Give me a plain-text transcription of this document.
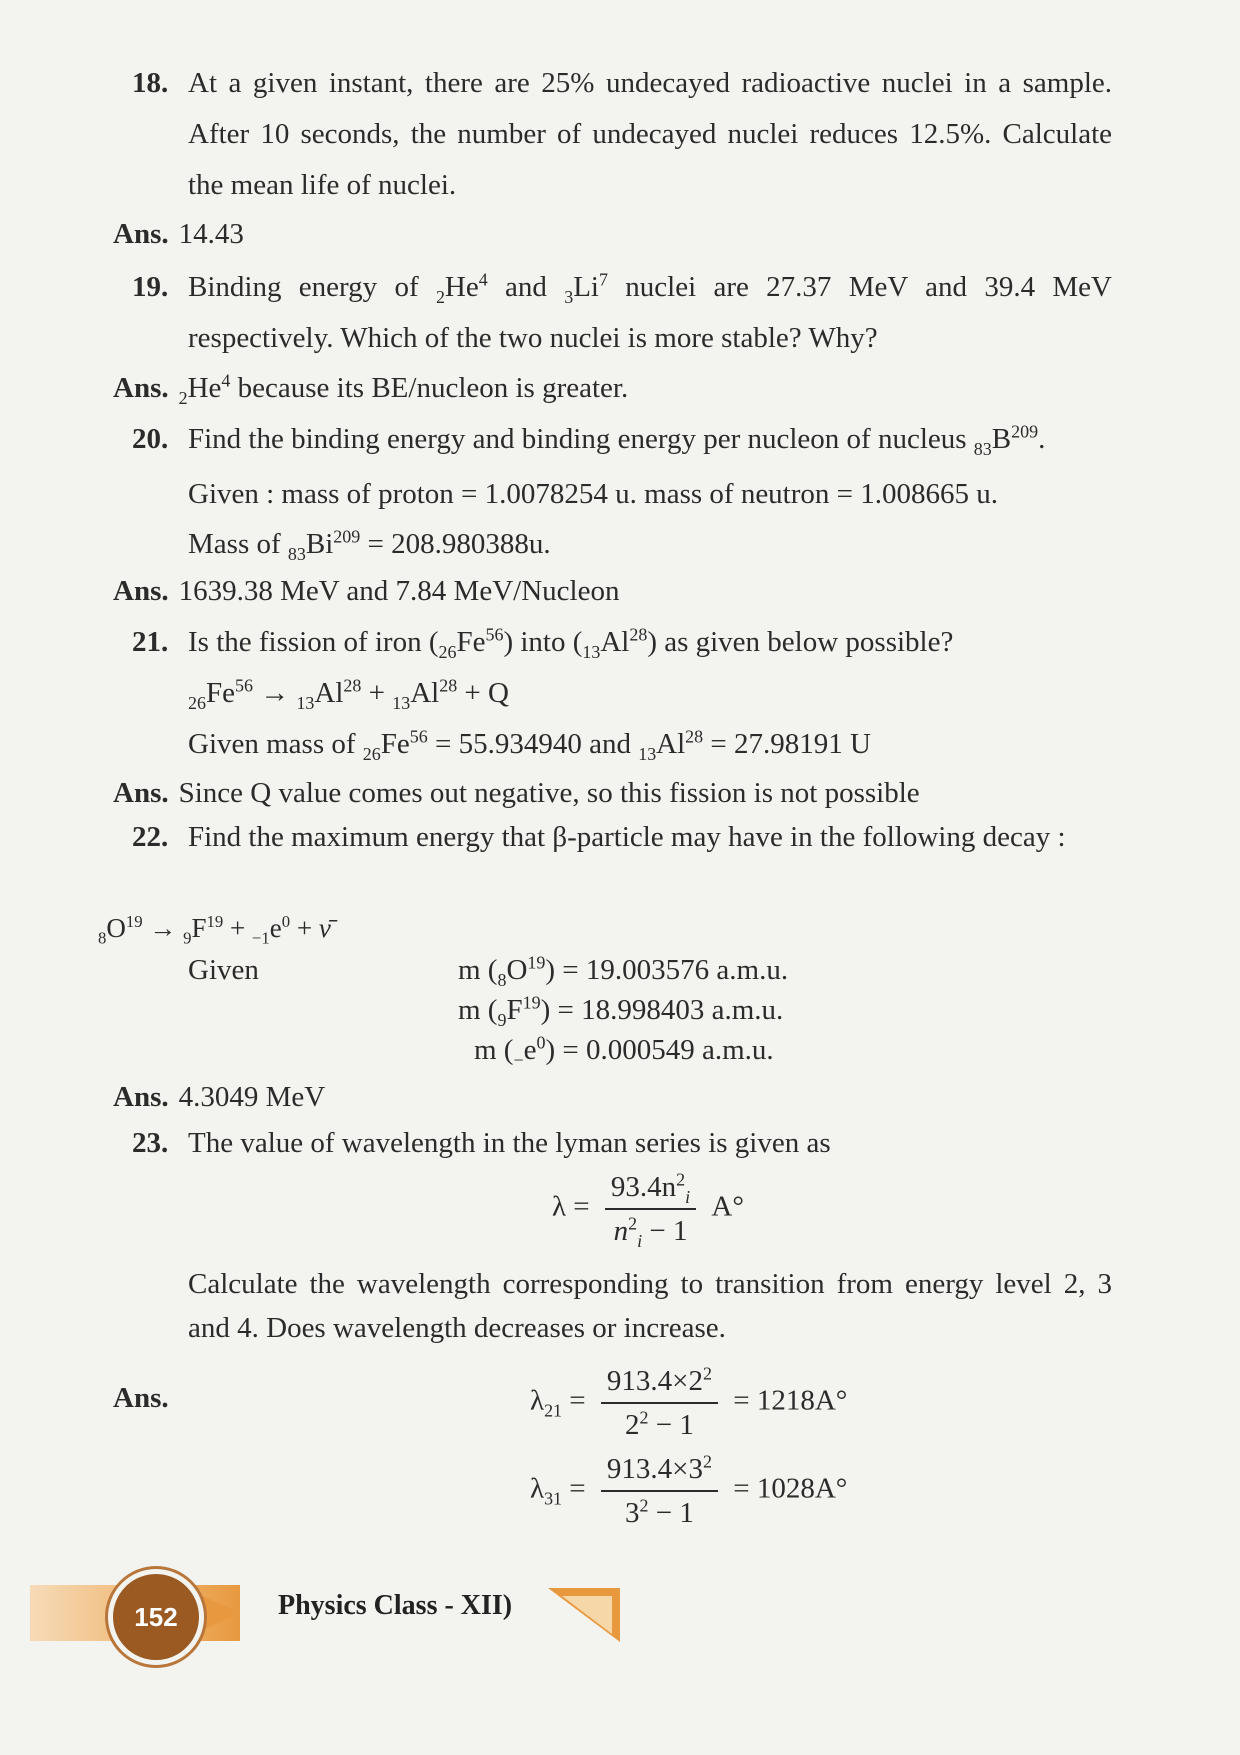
18. At a given instant, there are 25% undecayed radioactive nuclei in a sample. After 10 seconds, the number of undecayed nuclei reduces 12.5%. Calculate the mean life of nuclei.
Ans. 14.43
19. Binding energy of $_2He^4$ and $_3Li^7$ nuclei are 27.37 MeV and 39.4 MeV respectively. Which of the two nuclei is more stable? Why?
Ans. $_2He^4$ because its BE/nucleon is greater.
20. Find the binding energy and binding energy per nucleon of nucleus $_{83}B^{209}$.
Given : mass of proton = 1.0078254 u. mass of neutron = 1.008665 u.
Mass of $_{83}Bi^{209} = 208.980388u$.
Ans. 1639.38 MeV and 7.84 MeV/Nucleon
21. Is the fission of iron $(_{26}Fe^{56})$ into $(_{13}Al^{28})$ as given below possible?
$_{26}Fe^{56} \to _{13}Al^{28} + _{13}Al^{28} + Q$
Given mass of $_{26}Fe^{56} = 55.934940$ and $_{13}Al^{28} = 27.98191$ U
Ans. Since Q value comes out negative, so this fission is not possible
22. Find the maximum energy that β-particle may have in the following decay :
$_8O^{19} \to _9F^{19} + _{-1}e^0$ + ν̄
Given	m $(_8O^{19}) = 19.003576$ a.m.u.
m $(_9F^{19}) = 18.998403$ a.m.u.
m $(_-e^0) = 0.000549$ a.m.u.
Ans. 4.3049 MeV
23. The value of wavelength in the lyman series is given as
$\lambda = \frac{93.4n^2_i}{n^2_i - 1} A^\circ$
Calculate the wavelength corresponding to transition from energy level 2, 3 and 4. Does wavelength decreases or increase.
Ans.	$\lambda_{21} = \frac{913.4\times 2^2}{2^2 - 1} = 1218A^\circ$
$\lambda_{31} = \frac{913.4\times 3^2}{3^2 - 1} = 1028A^\circ$
152	Physics Class - XII)
